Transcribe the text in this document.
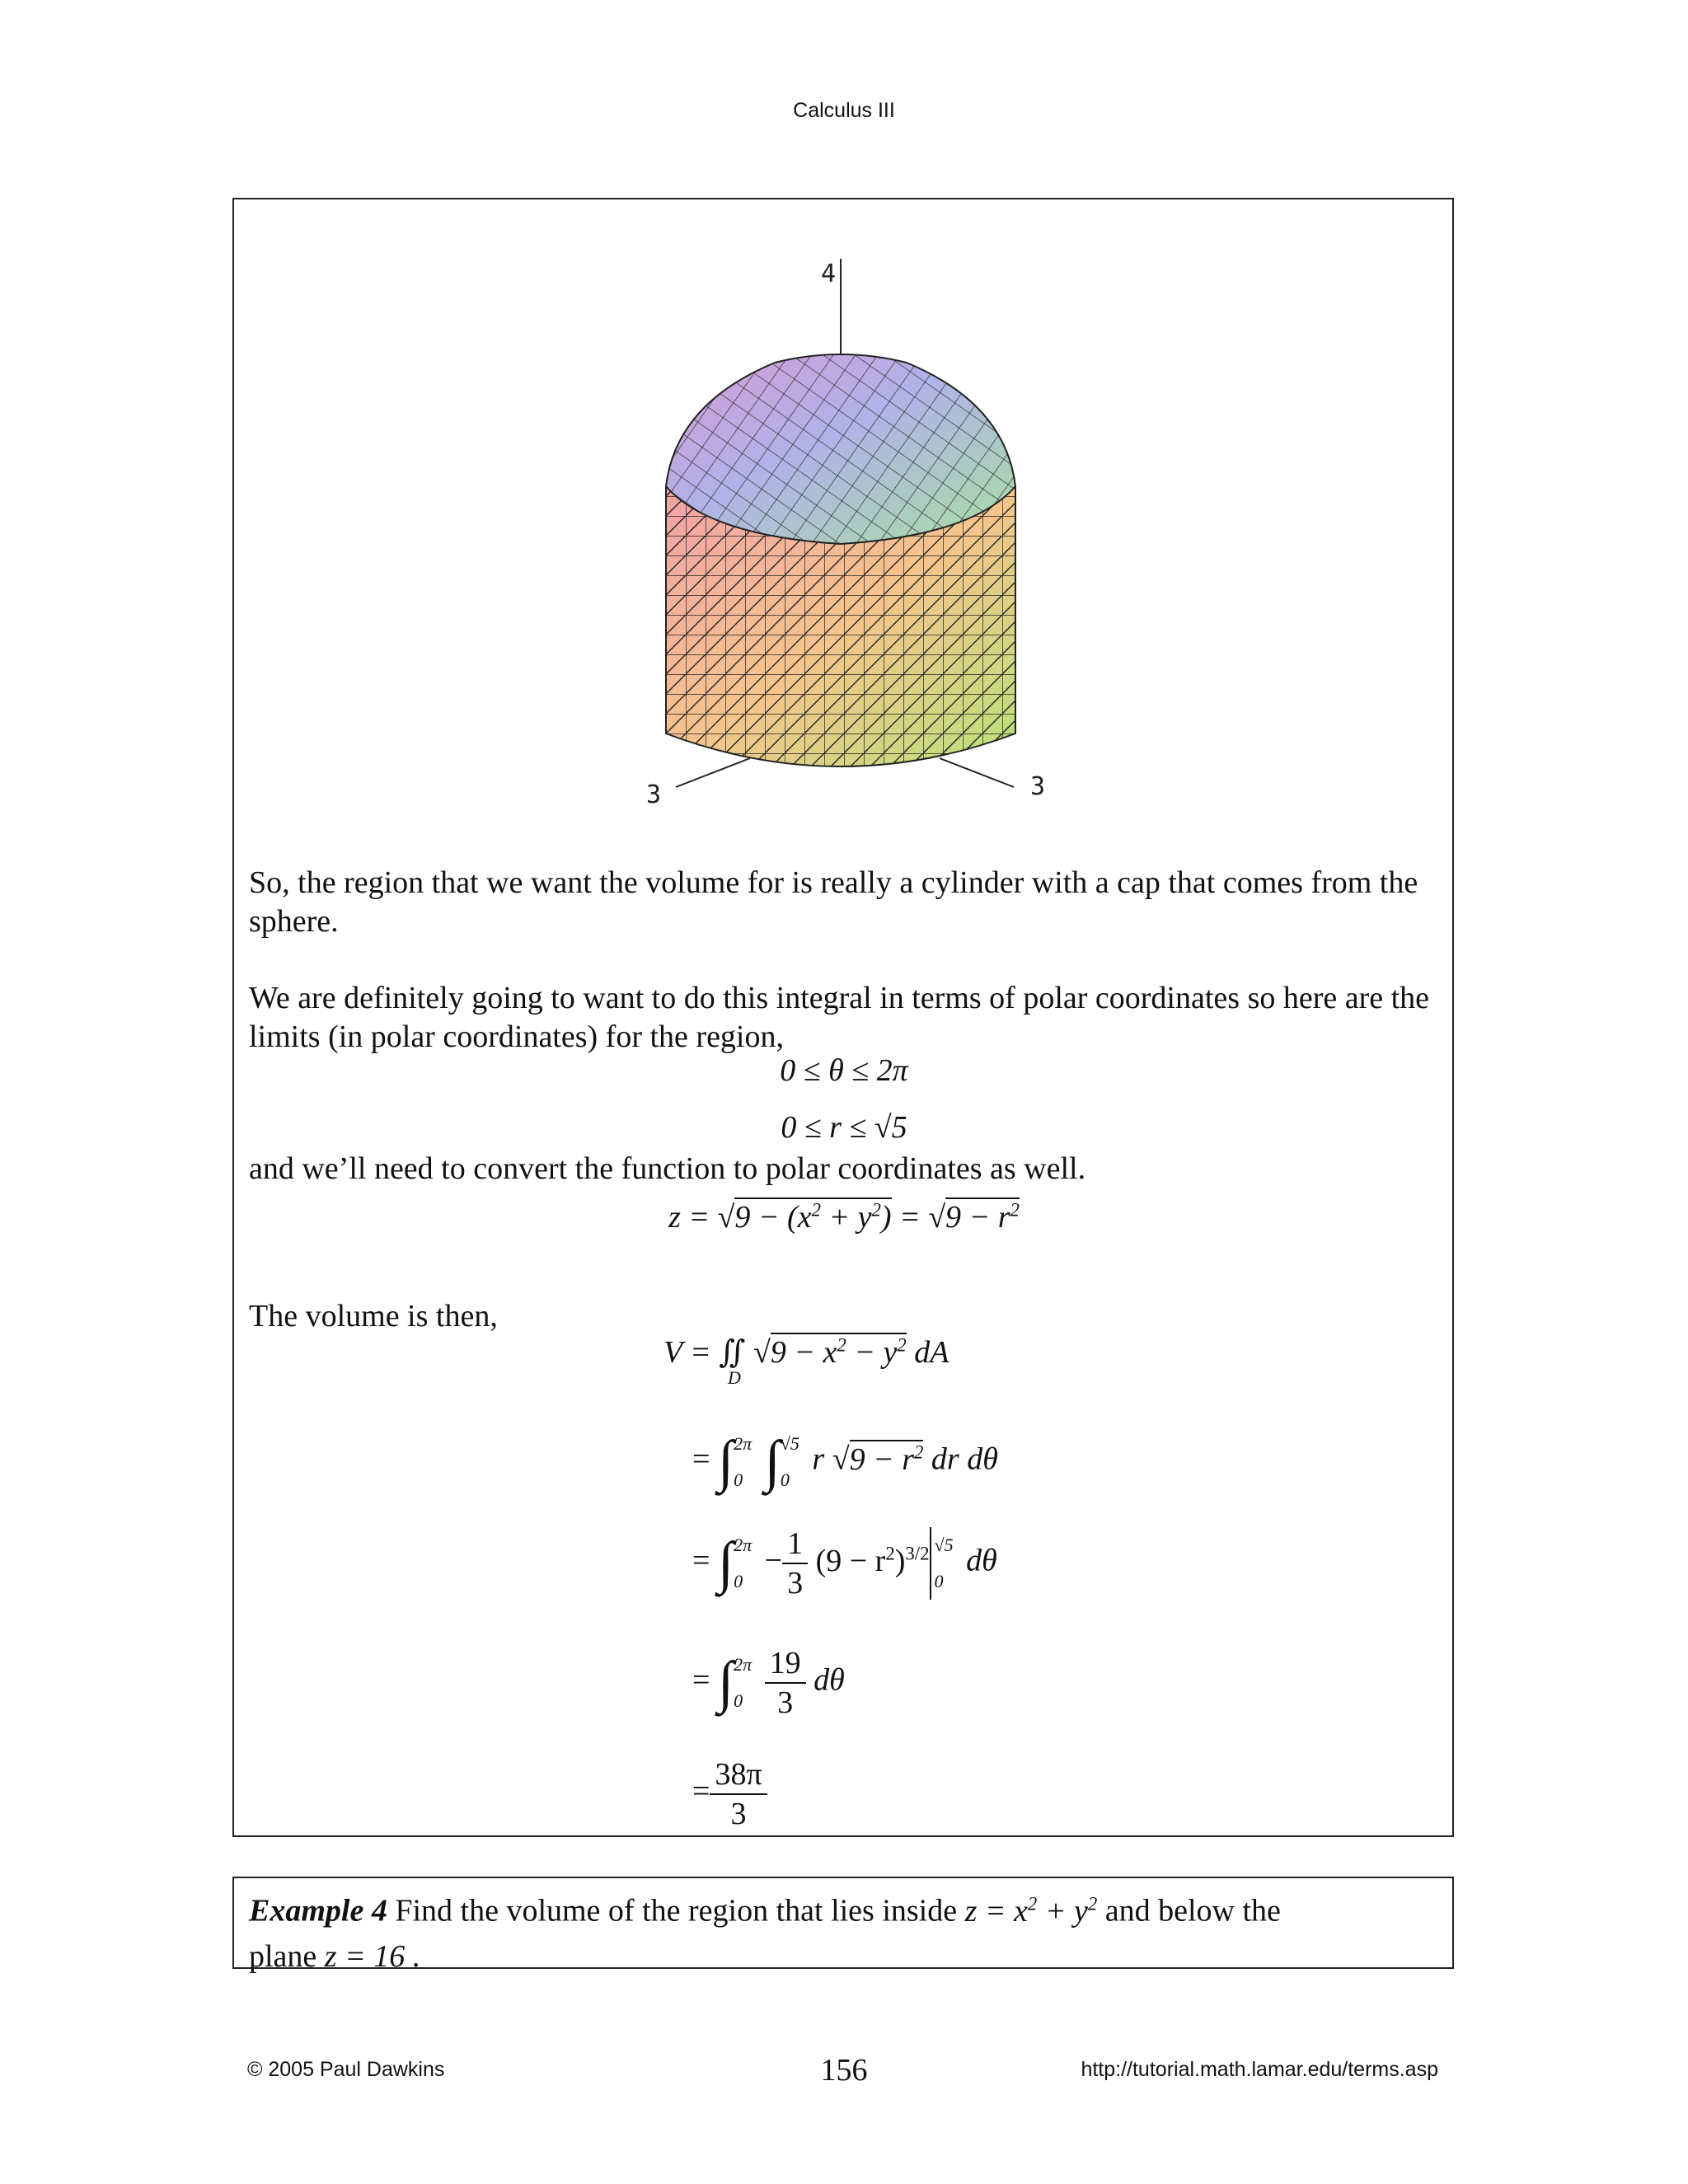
Calculus III
4
3	3
So, the region that we want the volume for is really a cylinder with a cap that comes from the sphere.
We are definitely going to want to do this integral in terms of polar coordinates so here are the limits (in polar coordinates) for the region,
0 ≤ θ ≤ 2π
0 ≤ r ≤ √5
and we’ll need to convert the function to polar coordinates as well.
$z = √9 - (x^2 + y^2) = √9 - r^2$
The volume is then,
V = ∬ $√9 - x^2 - y^2$ dA
D
= ∫2π
0 ∫√5
0 r $√9 - r^2$ dr dθ
= ∫2π
$0 - \frac{1}{3} (9 - r^2)^{3/2}$ √5
0 dθ
= ∫2π
$0 \frac{19}{3}$ dθ
= $\frac{38\pi}{3}$
Example 4 Find the volume of the region that lies inside $z = x^2 + y^2$ and below the
plane z = 16 .
© 2005 Paul Dawkins	156	http://tutorial.math.lamar.edu/terms.asp
